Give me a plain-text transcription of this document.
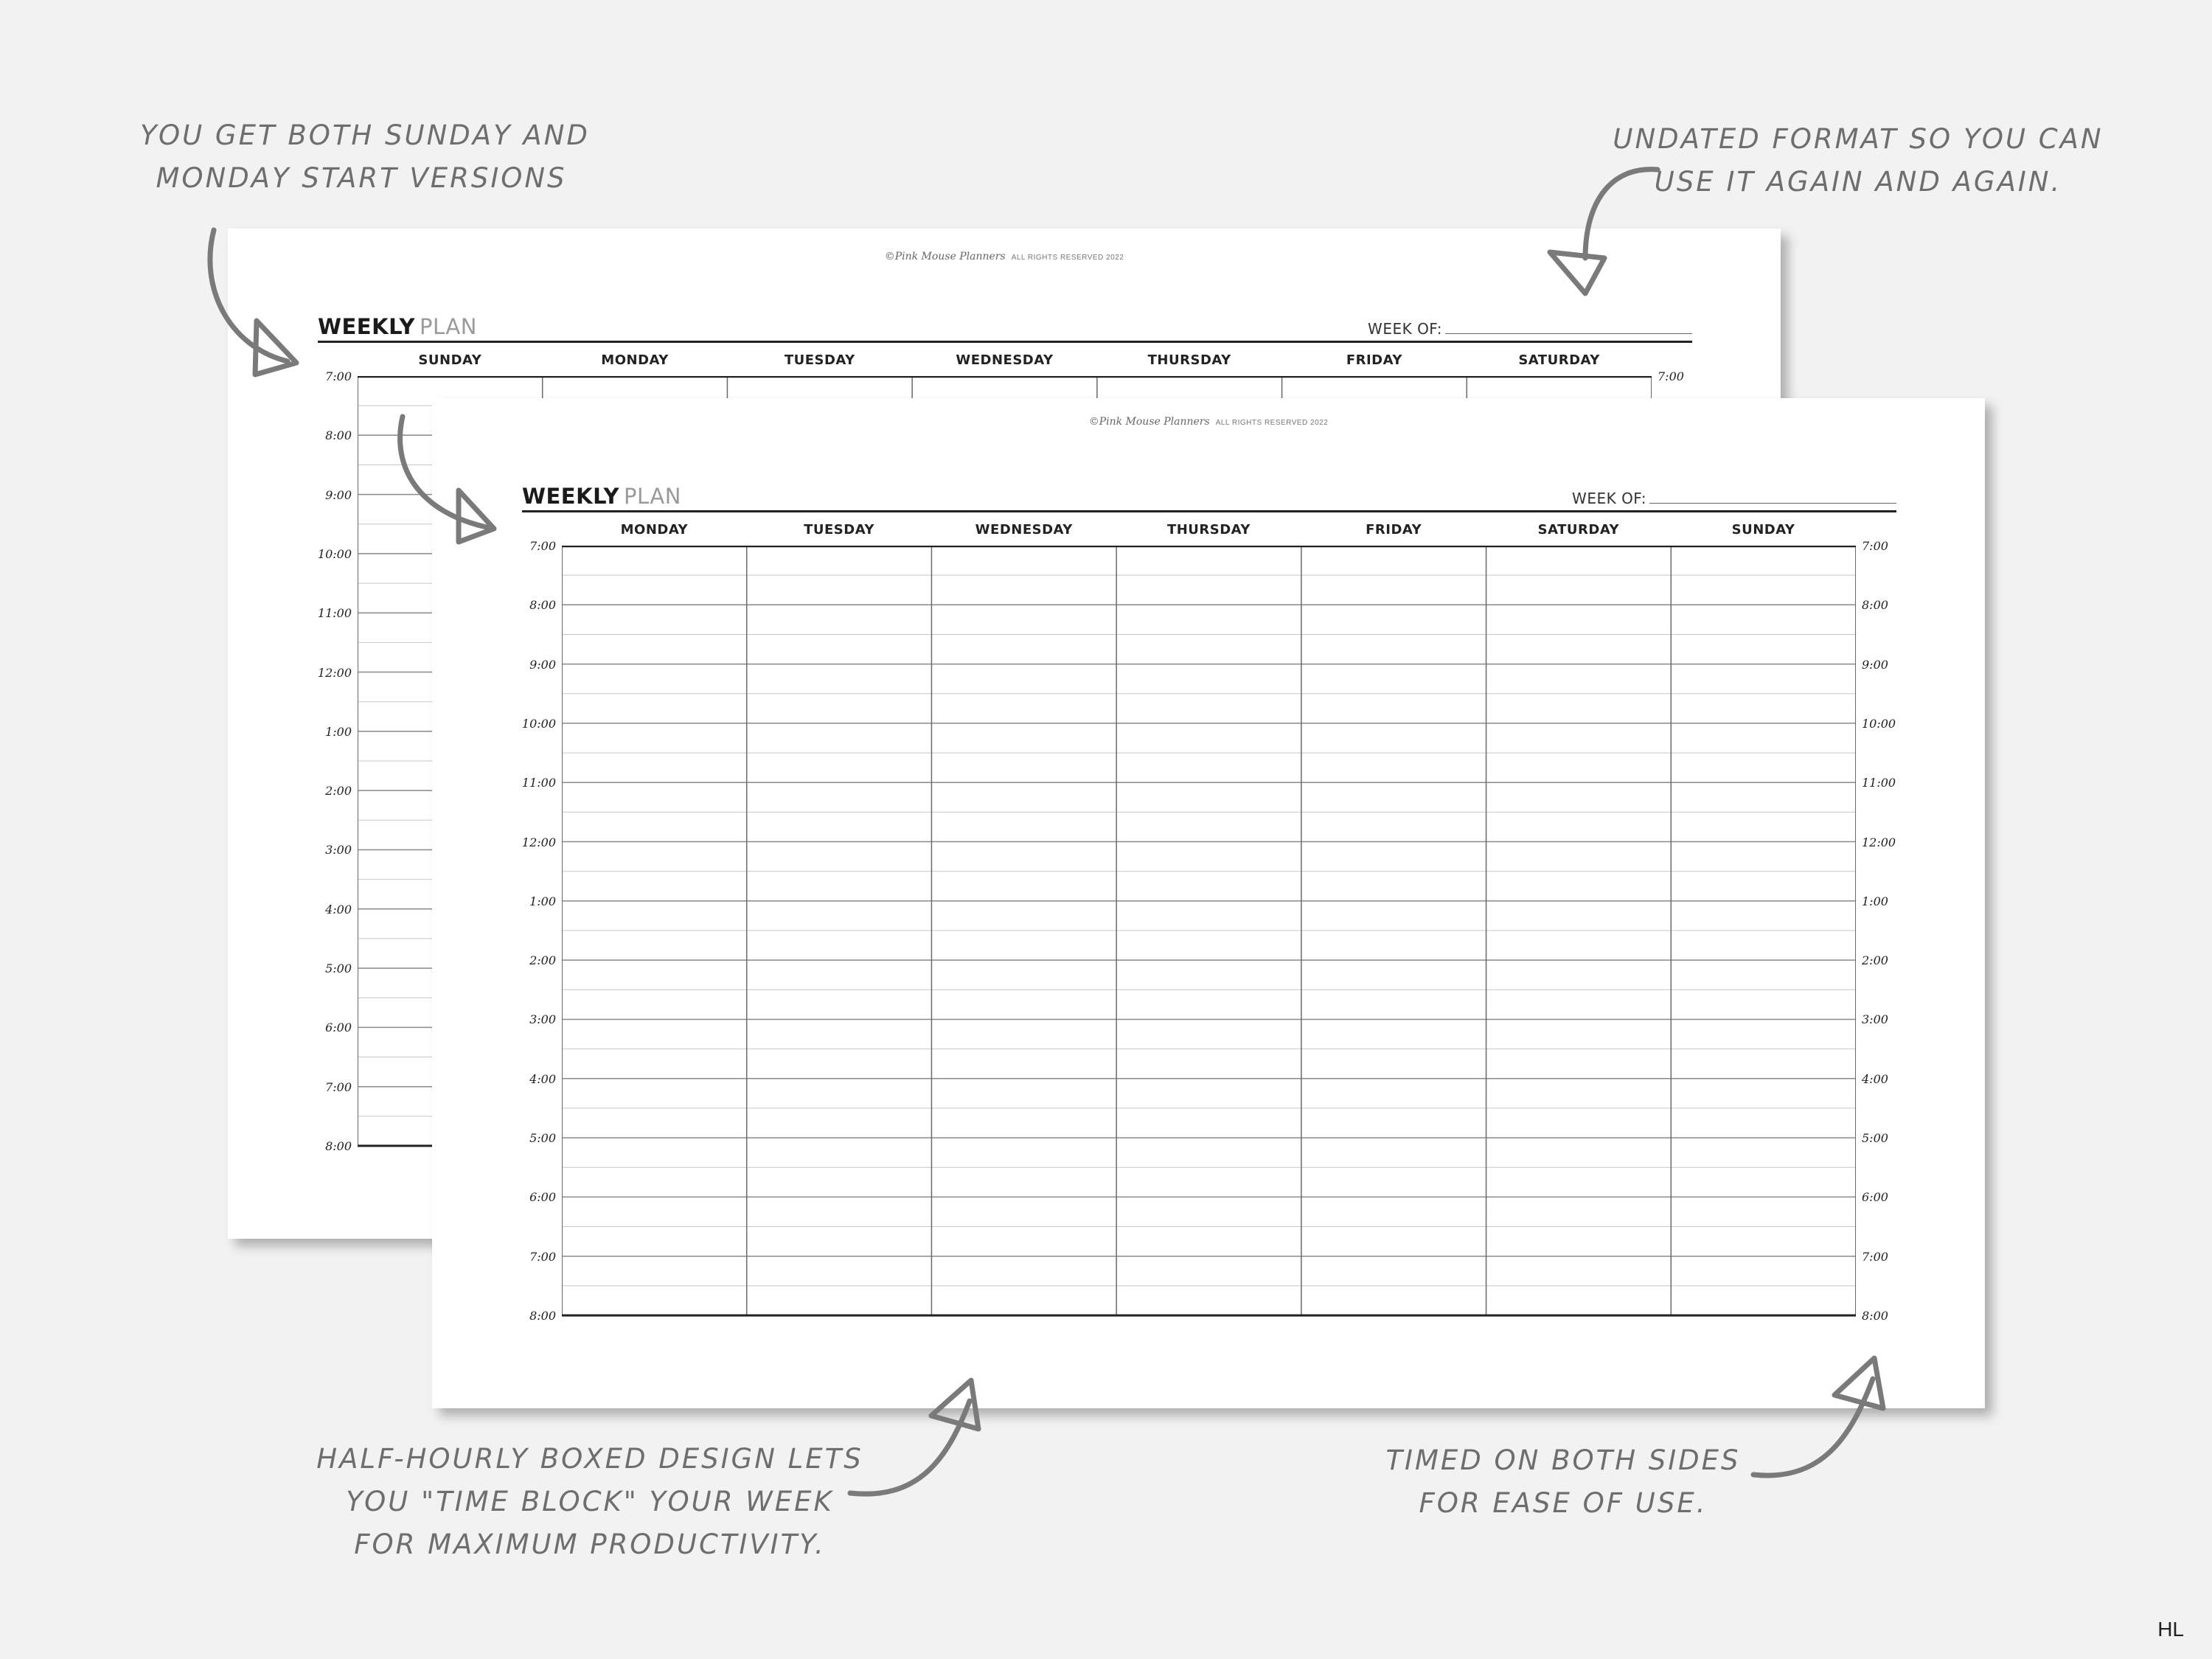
YOU GET BOTH SUNDAY AND
MONDAY START VERSIONS
UNDATED FORMAT SO YOU CAN
USE IT AGAIN AND AGAIN.
HALF-HOURLY BOXED DESIGN LETS
YOU "TIME BLOCK" YOUR WEEK
FOR MAXIMUM PRODUCTIVITY.
TIMED ON BOTH SIDES
FOR EASE OF USE.
©Pink Mouse Planners ALL RIGHTS RESERVED 2022
WEEKLY PLAN	WEEK OF:
SUNDAY	MONDAY	TUESDAY	WEDNESDAY	THURSDAY	FRIDAY	SATURDAY
7:00	7:00
8:00
9:00
10:00
11:00
12:00
1:00
2:00
3:00
4:00
5:00
6:00
7:00
8:00
©Pink Mouse Planners ALL RIGHTS RESERVED 2022
WEEKLY PLAN	WEEK OF:
MONDAY	TUESDAY	WEDNESDAY	THURSDAY	FRIDAY	SATURDAY	SUNDAY
7:00	7:00
8:00	8:00
9:00	9:00
10:00	10:00
11:00	11:00
12:00	12:00
1:00	1:00
2:00	2:00
3:00	3:00
4:00	4:00
5:00	5:00
6:00	6:00
7:00	7:00
8:00	8:00
HL
